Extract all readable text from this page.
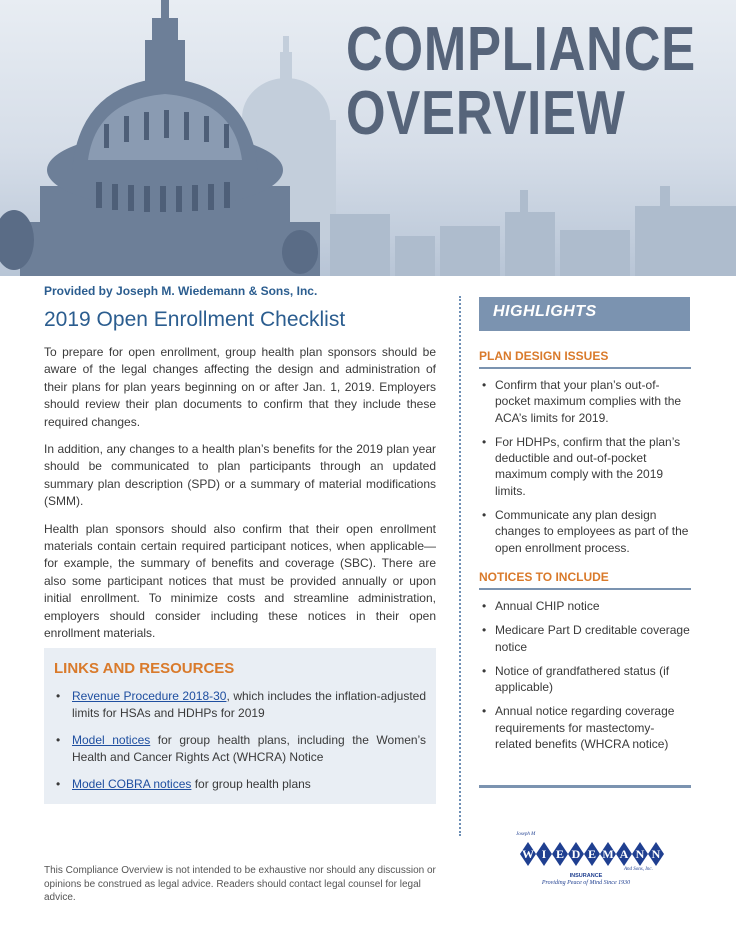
COMPLIANCE
OVERVIEW
Provided by Joseph M. Wiedemann & Sons, Inc.
2019 Open Enrollment Checklist

To prepare for open enrollment, group health plan sponsors should be aware of the legal changes affecting the design and administration of their plans for plan years beginning on or after Jan. 1, 2019. Employers should review their plan documents to confirm that they include these required changes.

In addition, any changes to a health plan’s benefits for the 2019 plan year should be communicated to plan participants through an updated summary plan description (SPD) or a summary of material modifications (SMM).

Health plan sponsors should also confirm that their open enrollment materials contain certain required participant notices, when applicable—for example, the summary of benefits and coverage (SBC). There are also some participant notices that must be provided annually or upon initial enrollment. To minimize costs and streamline administration, employers should consider including these notices in their open enrollment materials.

LINKS AND RESOURCES
• Revenue Procedure 2018-30, which includes the inflation-adjusted limits for HSAs and HDHPs for 2019
• Model notices for group health plans, including the Women’s Health and Cancer Rights Act (WHCRA) Notice
• Model COBRA notices for group health plans
This Compliance Overview is not intended to be exhaustive nor should any discussion or opinions be construed as legal advice. Readers should contact legal counsel for legal advice.
HIGHLIGHTS
PLAN DESIGN ISSUES
• Confirm that your plan’s out-of-pocket maximum complies with the ACA’s limits for 2019.
• For HDHPs, confirm that the plan’s deductible and out-of-pocket maximum comply with the 2019 limits.
• Communicate any plan design changes to employees as part of the open enrollment process.
NOTICES TO INCLUDE
• Annual CHIP notice
• Medicare Part D creditable coverage notice
• Notice of grandfathered status (if applicable)
• Annual notice regarding coverage requirements for mastectomy-related benefits (WHCRA notice)
Joseph M
And Sons, Inc.
W I E D E M A N N
INSURANCE
Providing Peace of Mind Since 1930
